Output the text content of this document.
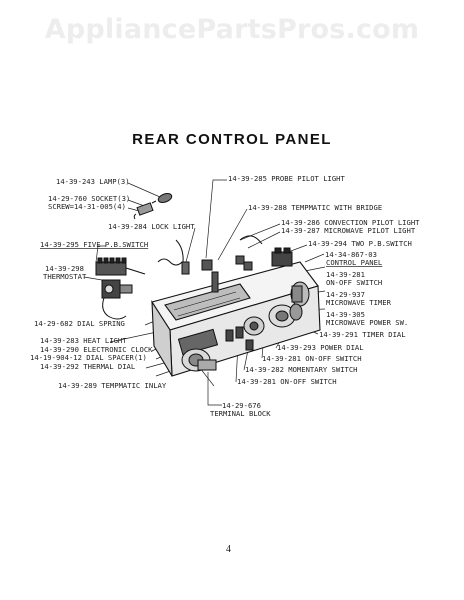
AppliancePartsPros.com
REAR CONTROL PANEL
14-39-243 LAMP(3)
14-29-760 SOCKET(3)
SCREW=14-31-005(4)
14-39-284 LOCK LIGHT
14-39-295 FIVE P.B.SWITCH
14-39-298
THERMOSTAT
14-29-682 DIAL SPRING
14-39-283 HEAT LIGHT
14-39-290 ELECTRONIC CLOCK
14-19-904-12 DIAL SPACER(1)
14-39-292 THERMAL DIAL
14-39-289 TEMPMATIC INLAY
14-39-285 PROBE PILOT LIGHT
14-39-288 TEMPMATIC WITH BRIDGE
14-39-286 CONVECTION PILOT LIGHT
14-39-287 MICROWAVE PILOT LIGHT
14-39-294 TWO P.B.SWITCH
14-34-867-03
CONTROL PANEL
14-39-281
ON-OFF SWITCH
14-29-937
MICROWAVE TIMER
14-39-305
MICROWAVE POWER SW.
14-39-291 TIMER DIAL
14-39-293 POWER DIAL
14-39-281 ON-OFF SWITCH
14-39-282 MOMENTARY SWITCH
14-39-281 ON-OFF SWITCH
14-29-676
TERMINAL BLOCK
4
